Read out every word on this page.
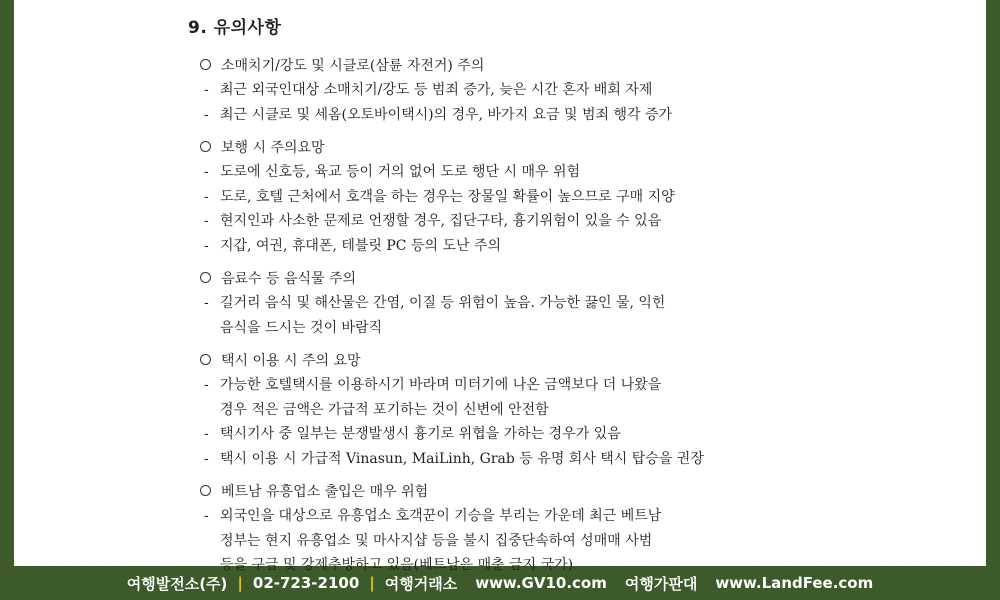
9. 유의사항
소매치기/강도 및 시클로(삼륜 자전거) 주의
- 최근 외국인대상 소매치기/강도 등 범죄 증가, 늦은 시간 혼자 배회 자제
- 최근 시클로 및 세옴(오토바이택시)의 경우, 바가지 요금 및 범죄 행각 증가
보행 시 주의요망
- 도로에 신호등, 육교 등이 거의 없어 도로 행단 시 매우 위험
- 도로, 호텔 근처에서 호객을 하는 경우는 장물일 확률이 높으므로 구매 지양
- 현지인과 사소한 문제로 언쟁할 경우, 집단구타, 흉기위험이 있을 수 있음
- 지갑, 여권, 휴대폰, 테블릿 PC 등의 도난 주의
음료수 등 음식물 주의
- 길거리 음식 및 해산물은 간염, 이질 등 위험이 높음. 가능한 끓인 물, 익힌
음식을 드시는 것이 바람직
택시 이용 시 주의 요망
- 가능한 호텔택시를 이용하시기 바라며 미터기에 나온 금액보다 더 나왔을
경우 적은 금액은 가급적 포기하는 것이 신변에 안전함
- 택시기사 중 일부는 분쟁발생시 흉기로 위협을 가하는 경우가 있음
- 택시 이용 시 가급적 Vinasun, MaiLinh, Grab 등 유명 회사 택시 탑승을 권장
베트남 유흥업소 출입은 매우 위험
- 외국인을 대상으로 유흥업소 호객꾼이 기승을 부리는 가운데 최근 베트남
정부는 현지 유흥업소 및 마사지샵 등을 불시 집중단속하여 성매매 사범
등을 구금 및 강제추방하고 있음(베트남은 매춘 금지 국가)
여행발전소(주) | 02-723-2100 | 여행거래소 www.GV10.com 여행가판대 www.LandFee.com
